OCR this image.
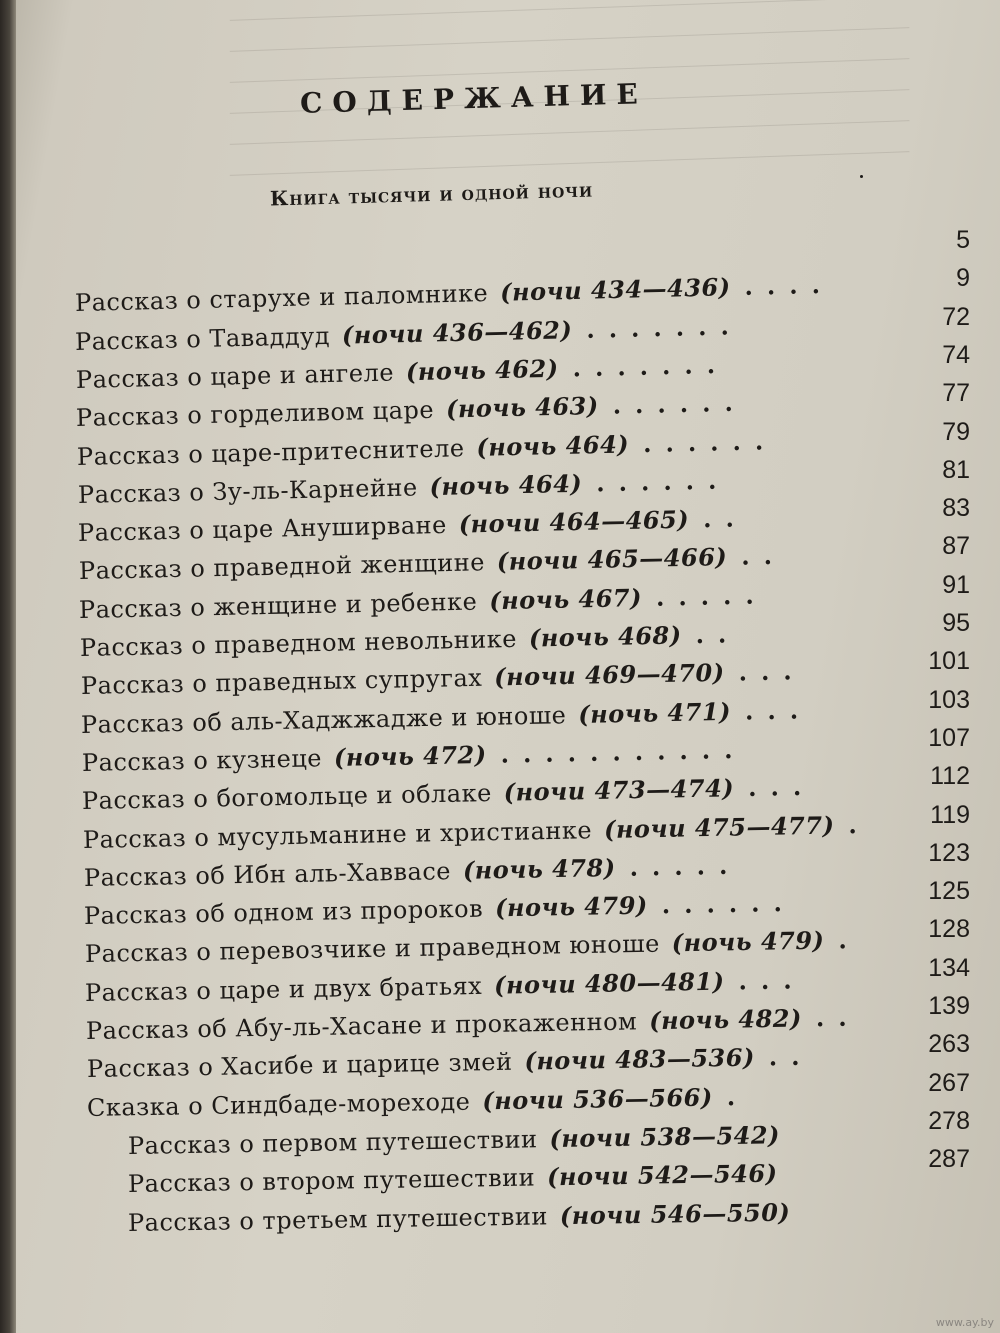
СОДЕРЖАНИЕ
Книга тысячи и одной ночи
5
9
Рассказ о старухе и паломнике (ночи 434—436) ....
72
Рассказ о Таваддуд (ночи 436—462) .......
74
Рассказ о царе и ангеле (ночь 462) .......
77
Рассказ о горделивом царе (ночь 463) ......
79
Рассказ о царе-притеснителе (ночь 464) ......
81
Рассказ о Зу-ль-Карнейне (ночь 464) ......
83
Рассказ о царе Ануширване (ночи 464—465) ..
87
Рассказ о праведной женщине (ночи 465—466) ..
91
Рассказ о женщине и ребенке (ночь 467) .....
95
Рассказ о праведном невольнике (ночь 468) ..
101
Рассказ о праведных супругах (ночи 469—470) ...
103
Рассказ об аль-Хаджжадже и юноше (ночь 471) ...
107
Рассказ о кузнеце (ночь 472) ...........
112
Рассказ о богомольце и облаке (ночи 473—474) ...
119
Рассказ о мусульманине и христианке (ночи 475—477) .
123
Рассказ об Ибн аль-Хаввасе (ночь 478) .....
125
Рассказ об одном из пророков (ночь 479) ......
128
Рассказ о перевозчике и праведном юноше (ночь 479) .
134
Рассказ о царе и двух братьях (ночи 480—481) ...
139
Рассказ об Абу-ль-Хасане и прокаженном (ночь 482) ..
263
Рассказ о Хасибе и царице змей (ночи 483—536) ..
267
Сказка о Синдбаде-мореходе (ночи 536—566) .
278
Рассказ о первом путешествии (ночи 538—542)
287
Рассказ о втором путешествии (ночи 542—546)
Рассказ о третьем путешествии (ночи 546—550)
www.ay.by
